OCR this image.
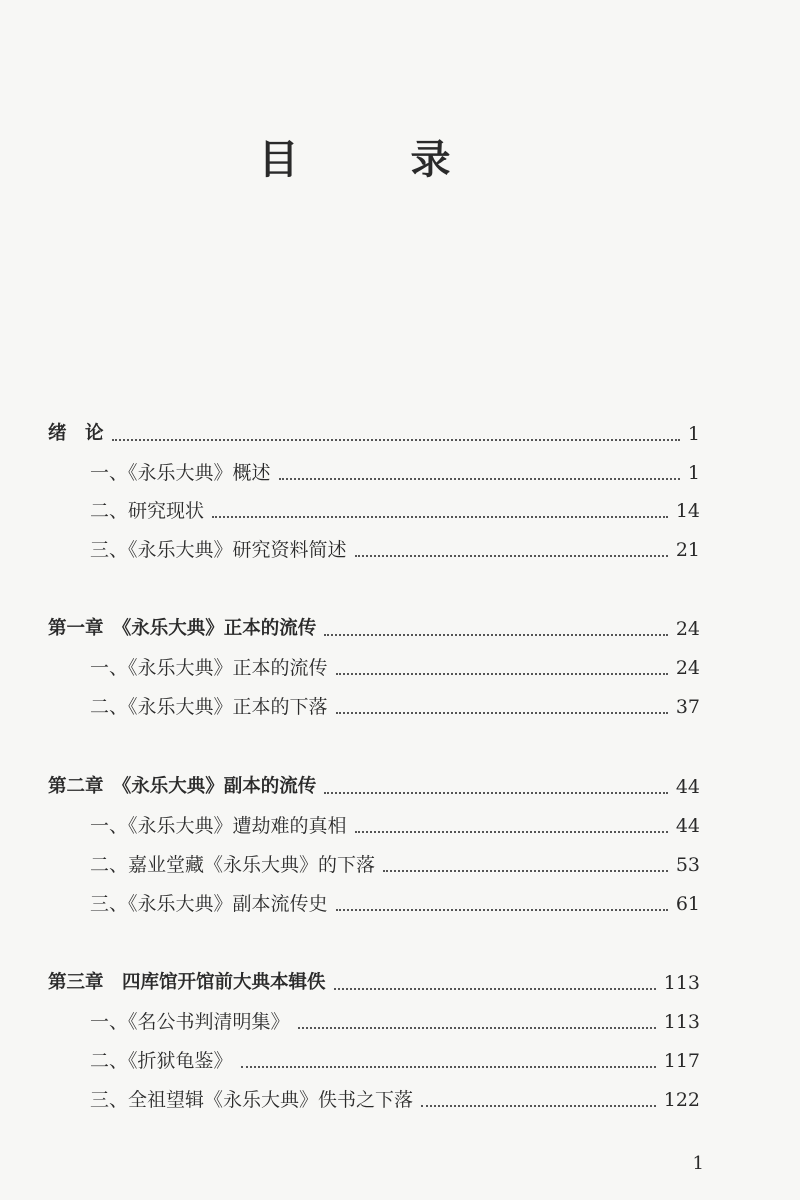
目　录
绪　论	1
一、《永乐大典》概述	1
二、研究现状	14
三、《永乐大典》研究资料简述	21
第一章　《永乐大典》正本的流传	24
一、《永乐大典》正本的流传	24
二、《永乐大典》正本的下落	37
第二章　《永乐大典》副本的流传	44
一、《永乐大典》遭劫难的真相	44
二、嘉业堂藏《永乐大典》的下落	53
三、《永乐大典》副本流传史	61
第三章　四库馆开馆前大典本辑佚	113
一、《名公书判清明集》	113
二、《折狱龟鉴》	117
三、全祖望辑《永乐大典》佚书之下落	122
1
